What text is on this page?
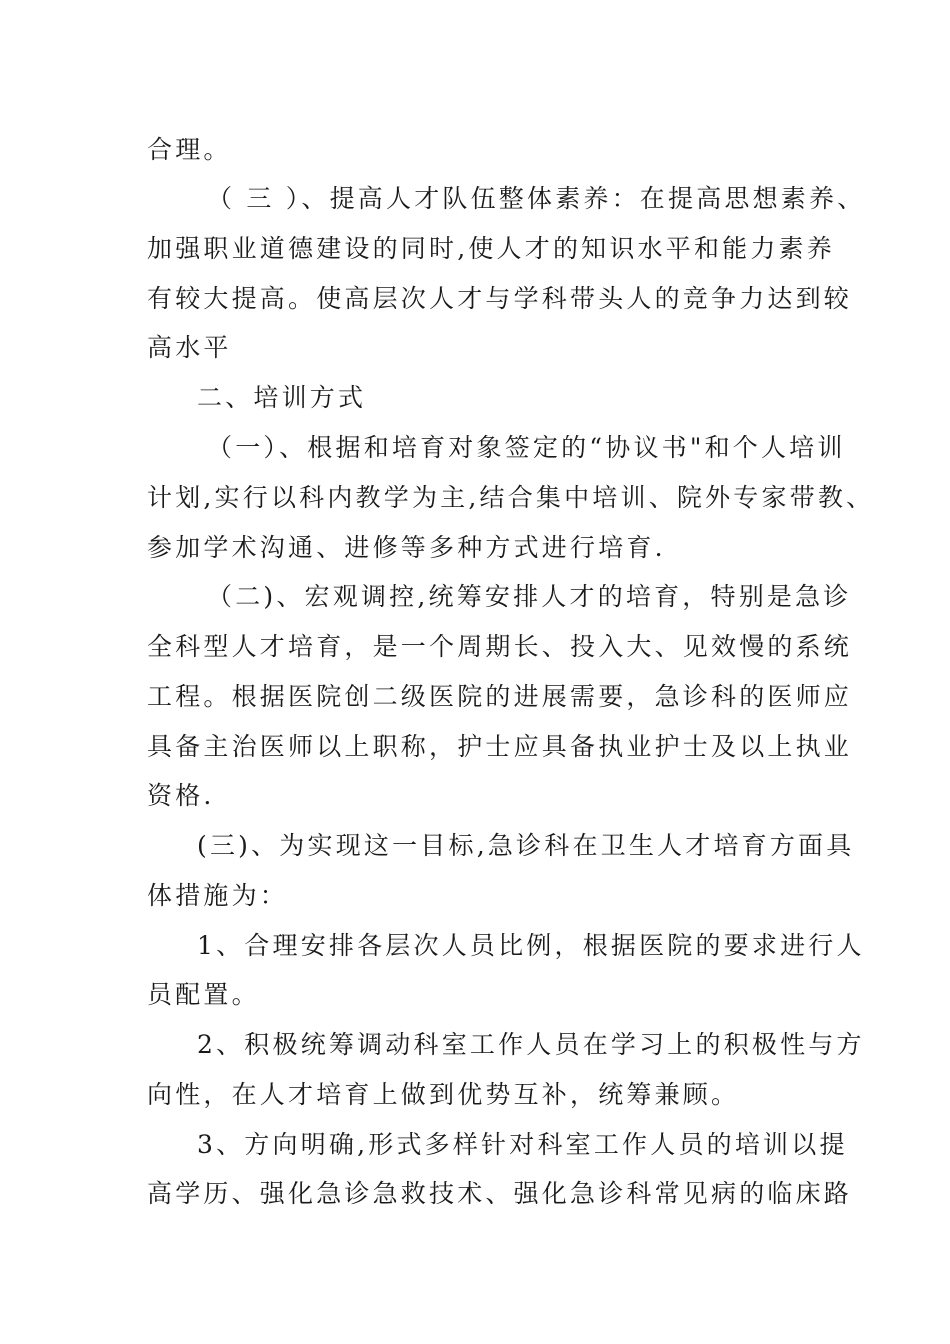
合理。
（ 三 ）、提高人才队伍整体素养：在提高思想素养、
加强职业道德建设的同时,使人才的知识水平和能力素养
有较大提高。使高层次人才与学科带头人的竞争力达到较
高水平
二、培训方式
（一）、根据和培育对象签定的“协议书"和个人培训
计划,实行以科内教学为主,结合集中培训、院外专家带教、
参加学术沟通、进修等多种方式进行培育.
（二)、宏观调控,统筹安排人才的培育，特别是急诊
全科型人才培育，是一个周期长、投入大、见效慢的系统
工程。根据医院创二级医院的进展需要，急诊科的医师应
具备主治医师以上职称，护士应具备执业护士及以上执业
资格.
(三)、为实现这一目标,急诊科在卫生人才培育方面具
体措施为：
1、合理安排各层次人员比例，根据医院的要求进行人
员配置。
2、积极统筹调动科室工作人员在学习上的积极性与方
向性，在人才培育上做到优势互补，统筹兼顾。
3、方向明确,形式多样针对科室工作人员的培训以提
高学历、强化急诊急救技术、强化急诊科常见病的临床路
